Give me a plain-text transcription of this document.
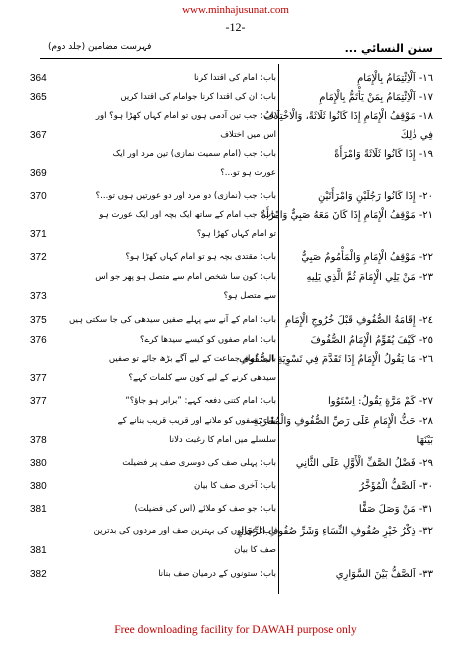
www.minhajusunat.com
-12-
فہرست مضامین (جلد دوم)	سنن النسائي ...
١٦- اَلْاِئْتِمَامُ بِالْإِمَامِ
باب: امام کی اقتدا کرنا
364
١٧- اَلْاِئْتِمَامُ بِمَنْ يَأْتَمُّ بِالْإِمَامِ
باب: ان کی اقتدا کرنا جوامام کی اقتدا کریں
365
١٨- مَوْقِفُ الْإِمَامِ إِذَا كَانُوا ثَلَاثَةً، وَالْاخْتِلَافُ
باب: جب تین آدمی ہوں تو امام کہاں کھڑا ہو؟ اور
فِي ذٰلِكَ
اس میں اختلاف
367
١٩- إِذَا كَانُوا ثَلَاثَةً وَامْرَأَةً
باب: جب (امام سمیت نمازی) تین مرد اور ایک
عورت ہو تو...؟
369
٢٠- إِذَا كَانُوا رَجُلَيْنِ وَامْرَأَتَيْنِ
باب: جب (نمازی) دو مرد اور دو عورتیں ہوں تو...؟
370
٢١- مَوْقِفُ الْإِمَامِ إِذَا كَانَ مَعَهُ صَبِيٌّ وَامْرَأَةٌ
باب: جب امام کے ساتھ ایک بچہ اور ایک عورت ہو
تو امام کہاں کھڑا ہو؟
371
٢٢- مَوْقِفُ الْإِمَامِ وَالْمَأْمُومُ صَبِيٌّ
باب: مقتدی بچہ ہو تو امام کہاں کھڑا ہو؟
372
٢٣- مَنْ يَلِي الْإِمَامَ ثُمَّ الَّذِي يَلِيهِ
باب: کون سا شخص امام سے متصل ہو پھر جو اس
سے متصل ہو؟
373
٢٤- إِقَامَةُ الصُّفُوفِ قَبْلَ خُرُوجِ الْإِمَامِ
باب: امام کے آنے سے پہلے صفیں سیدھی کی جا سکتی ہیں
375
٢٥- كَيْفَ يُقَوِّمُ الْإِمَامُ الصُّفُوفَ
باب: امام صفوں کو کیسے سیدھا کرے؟
376
٢٦- مَا يَقُولُ الْإِمَامُ إِذَا تَقَدَّمَ فِي تَسْوِيَةِ الصُّفُوفِ
باب: امام جماعت کے لیے آگے بڑھ جائے تو صفیں
سیدھی کرنے کے لیے کون سے کلمات کہے؟
377
٢٧- كَمْ مَرَّةٍ يَقُولُ: اِسْتَوُوا
باب: امام کتنی دفعہ کہے: ”برابر ہو جاؤ؟“
377
٢٨- حَثُّ الْإِمَامِ عَلَى رَصِّ الصُّفُوفِ وَالْمُقَارَبَةِ
باب: صفوں کو ملانے اور قریب قریب بنانے کے
بَيْنَهَا
سلسلے میں امام کا رغبت دلانا
378
٢٩- فَضْلُ الصَّفِّ الْأَوَّلِ عَلَى الثَّانِي
باب: پہلی صف کی دوسری صف پر فضیلت
380
٣٠- اَلصَّفُّ الْمُؤَخَّرُ
باب: آخری صف کا بیان
380
٣١- مَنْ وَصَلَ صَفًّا
باب: جو صف کو ملائے (اس کی فضیلت)
381
٣٢- ذِكْرُ خَيْرِ صُفُوفِ النِّسَاءِ وَشَرِّ صُفُوفِ الرِّجَالِ
باب: عورتوں کی بہترین صف اور مردوں کی بدترین
صف کا بیان
381
٣٣- اَلصَّفُّ بَيْنَ السَّوَارِي
باب: ستونوں کے درمیان صف بنانا
382
Free downloading facility for DAWAH purpose only
